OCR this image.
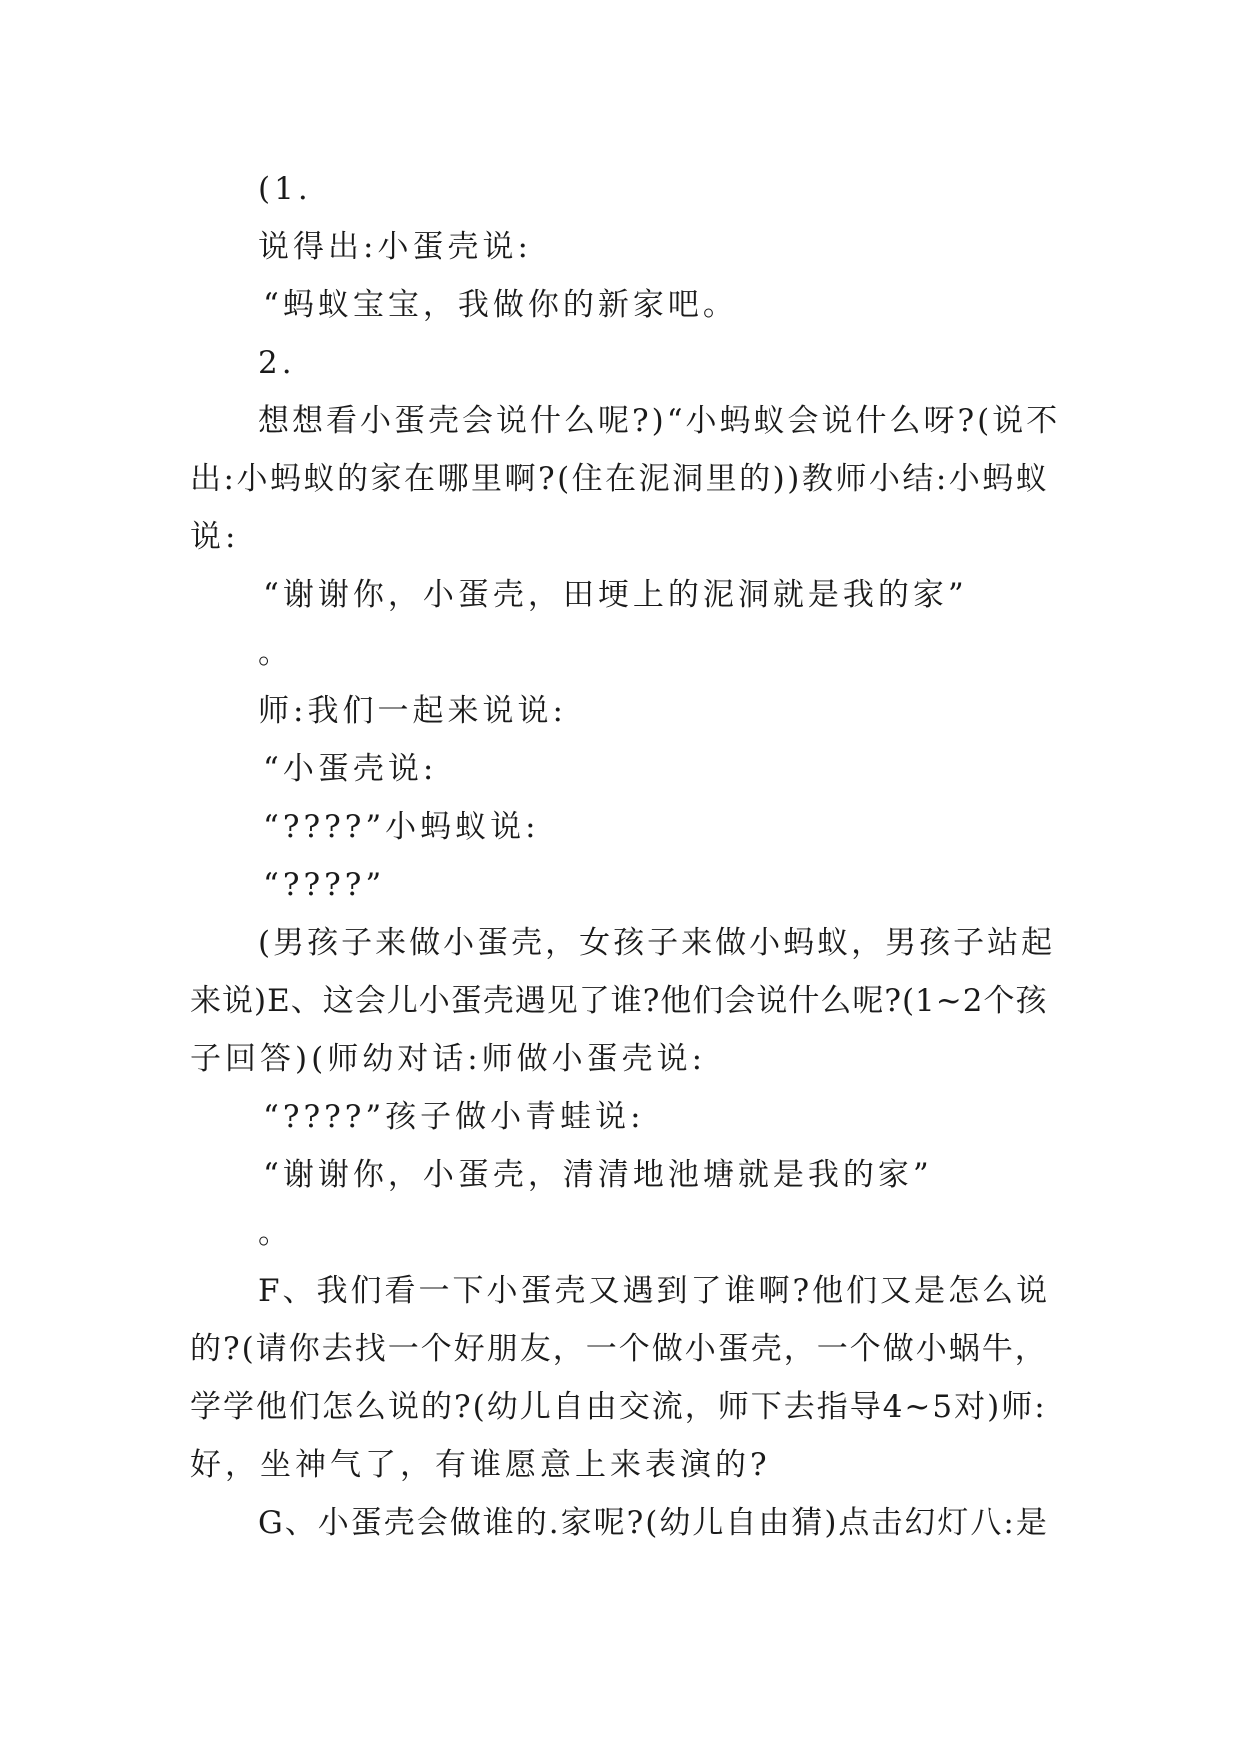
(1.
说得出:小蛋壳说:
“蚂蚁宝宝，我做你的新家吧。
2.
想想看小蛋壳会说什么呢?)“小蚂蚁会说什么呀?(说不
出:小蚂蚁的家在哪里啊?(住在泥洞里的))教师小结:小蚂蚁
说:
“谢谢你，小蛋壳，田埂上的泥洞就是我的家”
。
师:我们一起来说说:
“小蛋壳说:
“????”小蚂蚁说:
“????”
(男孩子来做小蛋壳，女孩子来做小蚂蚁，男孩子站起
来说)E、这会儿小蛋壳遇见了谁?他们会说什么呢?(1~2个孩
子回答)(师幼对话:师做小蛋壳说:
“????”孩子做小青蛙说:
“谢谢你，小蛋壳，清清地池塘就是我的家”
。
F、我们看一下小蛋壳又遇到了谁啊?他们又是怎么说
的?(请你去找一个好朋友，一个做小蛋壳，一个做小蜗牛，
学学他们怎么说的?(幼儿自由交流，师下去指导4~5对)师:
好，坐神气了，有谁愿意上来表演的?
G、小蛋壳会做谁的.家呢?(幼儿自由猜)点击幻灯八:是
